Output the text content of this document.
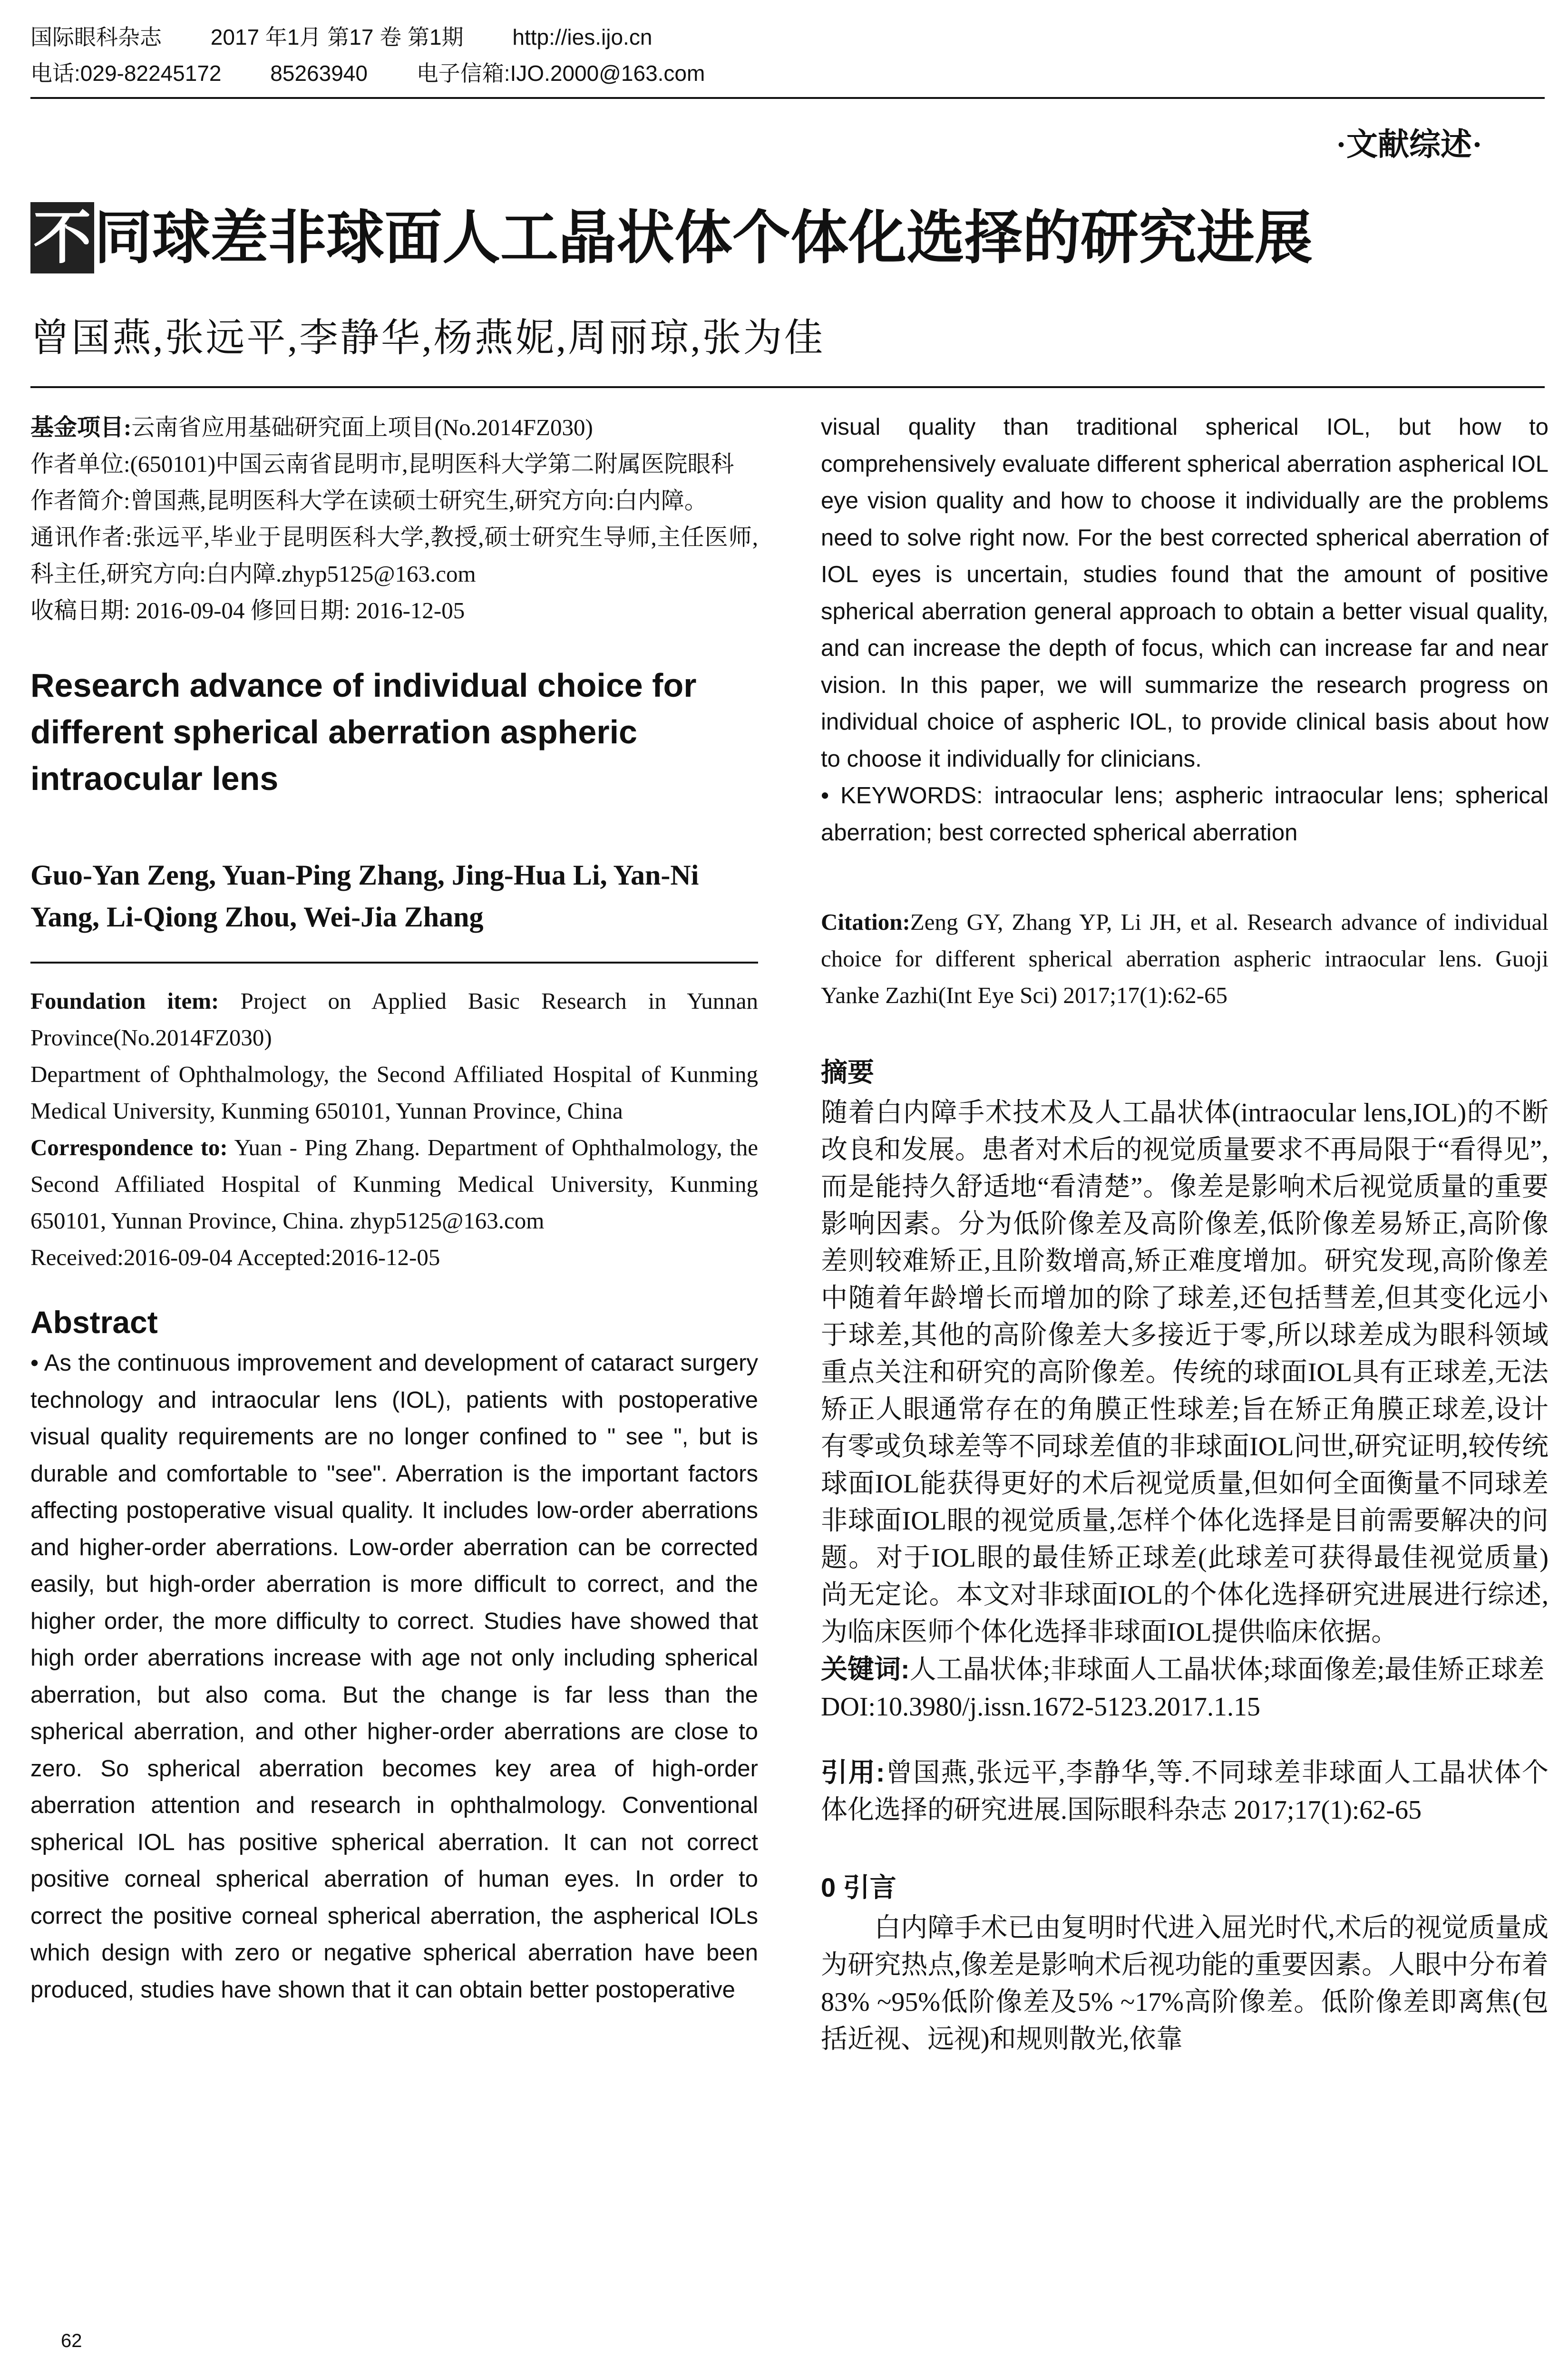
国际眼科杂志 2017 年1月 第17 卷 第1期 http://ies.ijo.cn
电话:029-82245172 85263940 电子信箱:IJO.2000@163.com
·文献综述·
不同球差非球面人工晶状体个体化选择的研究进展
曾国燕,张远平,李静华,杨燕妮,周丽琼,张为佳

基金项目:云南省应用基础研究面上项目(No.2014FZ030)

作者单位:(650101)中国云南省昆明市,昆明医科大学第二附属医院眼科

作者简介:曾国燕,昆明医科大学在读硕士研究生,研究方向:白内障。

通讯作者:张远平,毕业于昆明医科大学,教授,硕士研究生导师,主任医师,科主任,研究方向:白内障.zhyp5125@163.com

收稿日期: 2016-09-04 修回日期: 2016-12-05

Research advance of individual choice for different spherical aberration aspheric intraocular lens
Guo-Yan Zeng, Yuan-Ping Zhang, Jing-Hua Li, Yan-Ni Yang, Li-Qiong Zhou, Wei-Jia Zhang

Foundation item: Project on Applied Basic Research in Yunnan Province(No.2014FZ030)

Department of Ophthalmology, the Second Affiliated Hospital of Kunming Medical University, Kunming 650101, Yunnan Province, China

Correspondence to: Yuan - Ping Zhang. Department of Ophthalmology, the Second Affiliated Hospital of Kunming Medical University, Kunming 650101, Yunnan Province, China. zhyp5125@163.com

Received:2016-09-04 Accepted:2016-12-05

Abstract

• As the continuous improvement and development of cataract surgery technology and intraocular lens (IOL), patients with postoperative visual quality requirements are no longer confined to " see ", but is durable and comfortable to "see". Aberration is the important factors affecting postoperative visual quality. It includes low-order aberrations and higher-order aberrations. Low-order aberration can be corrected easily, but high-order aberration is more difficult to correct, and the higher order, the more difficulty to correct. Studies have showed that high order aberrations increase with age not only including spherical aberration, but also coma. But the change is far less than the spherical aberration, and other higher-order aberrations are close to zero. So spherical aberration becomes key area of high-order aberration attention and research in ophthalmology. Conventional spherical IOL has positive spherical aberration. It can not correct positive corneal spherical aberration of human eyes. In order to correct the positive corneal spherical aberration, the aspherical IOLs which design with zero or negative spherical aberration have been produced, studies have shown that it can obtain better postoperative

visual quality than traditional spherical IOL, but how to comprehensively evaluate different spherical aberration aspherical IOL eye vision quality and how to choose it individually are the problems need to solve right now. For the best corrected spherical aberration of IOL eyes is uncertain, studies found that the amount of positive spherical aberration general approach to obtain a better visual quality, and can increase the depth of focus, which can increase far and near vision. In this paper, we will summarize the research progress on individual choice of aspheric IOL, to provide clinical basis about how to choose it individually for clinicians.

• KEYWORDS: intraocular lens; aspheric intraocular lens; spherical aberration; best corrected spherical aberration

Citation:Zeng GY, Zhang YP, Li JH, et al. Research advance of individual choice for different spherical aberration aspheric intraocular lens. Guoji Yanke Zazhi(Int Eye Sci) 2017;17(1):62-65

摘要

随着白内障手术技术及人工晶状体(intraocular lens,IOL)的不断改良和发展。患者对术后的视觉质量要求不再局限于“看得见”,而是能持久舒适地“看清楚”。像差是影响术后视觉质量的重要影响因素。分为低阶像差及高阶像差,低阶像差易矫正,高阶像差则较难矫正,且阶数增高,矫正难度增加。研究发现,高阶像差中随着年龄增长而增加的除了球差,还包括彗差,但其变化远小于球差,其他的高阶像差大多接近于零,所以球差成为眼科领域重点关注和研究的高阶像差。传统的球面IOL具有正球差,无法矫正人眼通常存在的角膜正性球差;旨在矫正角膜正球差,设计有零或负球差等不同球差值的非球面IOL问世,研究证明,较传统球面IOL能获得更好的术后视觉质量,但如何全面衡量不同球差非球面IOL眼的视觉质量,怎样个体化选择是目前需要解决的问题。对于IOL眼的最佳矫正球差(此球差可获得最佳视觉质量)尚无定论。本文对非球面IOL的个体化选择研究进展进行综述,为临床医师个体化选择非球面IOL提供临床依据。

关键词:人工晶状体;非球面人工晶状体;球面像差;最佳矫正球差

DOI:10.3980/j.issn.1672-5123.2017.1.15

引用:曾国燕,张远平,李静华,等.不同球差非球面人工晶状体个体化选择的研究进展.国际眼科杂志 2017;17(1):62-65

0 引言

白内障手术已由复明时代进入屈光时代,术后的视觉质量成为研究热点,像差是影响术后视功能的重要因素。人眼中分布着83% ~95%低阶像差及5% ~17%高阶像差。低阶像差即离焦(包括近视、远视)和规则散光,依靠

62
